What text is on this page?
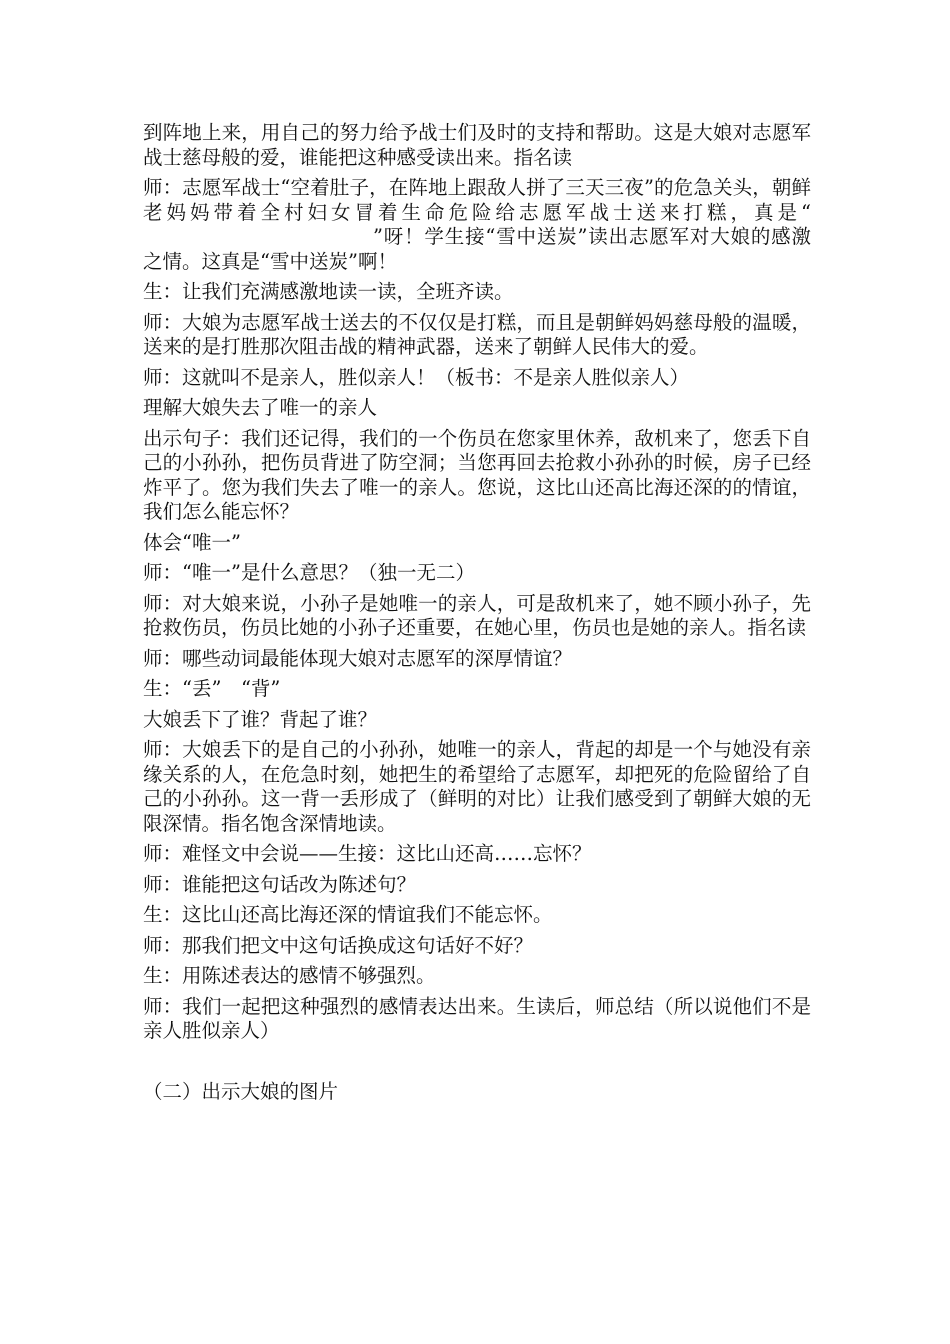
到阵地上来，用自己的努力给予战士们及时的支持和帮助。这是大娘对志愿军战士慈母般的爱，谁能把这种感受读出来。指名读

师：志愿军战士“空着肚子，在阵地上跟敌人拼了三天三夜”的危急关头，朝鲜老妈妈带着全村妇女冒着生命危险给志愿军战士送来打糕，真是“”呀！学生接“雪中送炭”读出志愿军对大娘的感激之情。这真是“雪中送炭”啊！

生：让我们充满感激地读一读，全班齐读。

师：大娘为志愿军战士送去的不仅仅是打糕，而且是朝鲜妈妈慈母般的温暖，送来的是打胜那次阻击战的精神武器，送来了朝鲜人民伟大的爱。

师：这就叫不是亲人，胜似亲人！（板书：不是亲人胜似亲人）

理解大娘失去了唯一的亲人

出示句子：我们还记得，我们的一个伤员在您家里休养，敌机来了，您丢下自己的小孙孙，把伤员背进了防空洞；当您再回去抢救小孙孙的时候，房子已经炸平了。您为我们失去了唯一的亲人。您说，这比山还高比海还深的的情谊，我们怎么能忘怀？

体会“唯一”

师：“唯一”是什么意思？（独一无二）

师：对大娘来说，小孙子是她唯一的亲人，可是敌机来了，她不顾小孙子，先抢救伤员，伤员比她的小孙子还重要，在她心里，伤员也是她的亲人。指名读

师：哪些动词最能体现大娘对志愿军的深厚情谊？

生：“丢”　“背”

大娘丢下了谁？背起了谁？

师：大娘丢下的是自己的小孙孙，她唯一的亲人，背起的却是一个与她没有亲缘关系的人，在危急时刻，她把生的希望给了志愿军，却把死的危险留给了自己的小孙孙。这一背一丢形成了（鲜明的对比）让我们感受到了朝鲜大娘的无限深情。指名饱含深情地读。

师：难怪文中会说——生接：这比山还高……忘怀？

师：谁能把这句话改为陈述句？

生：这比山还高比海还深的情谊我们不能忘怀。

师：那我们把文中这句话换成这句话好不好？

生：用陈述表达的感情不够强烈。

师：我们一起把这种强烈的感情表达出来。生读后，师总结（所以说他们不是亲人胜似亲人）

（二）出示大娘的图片
